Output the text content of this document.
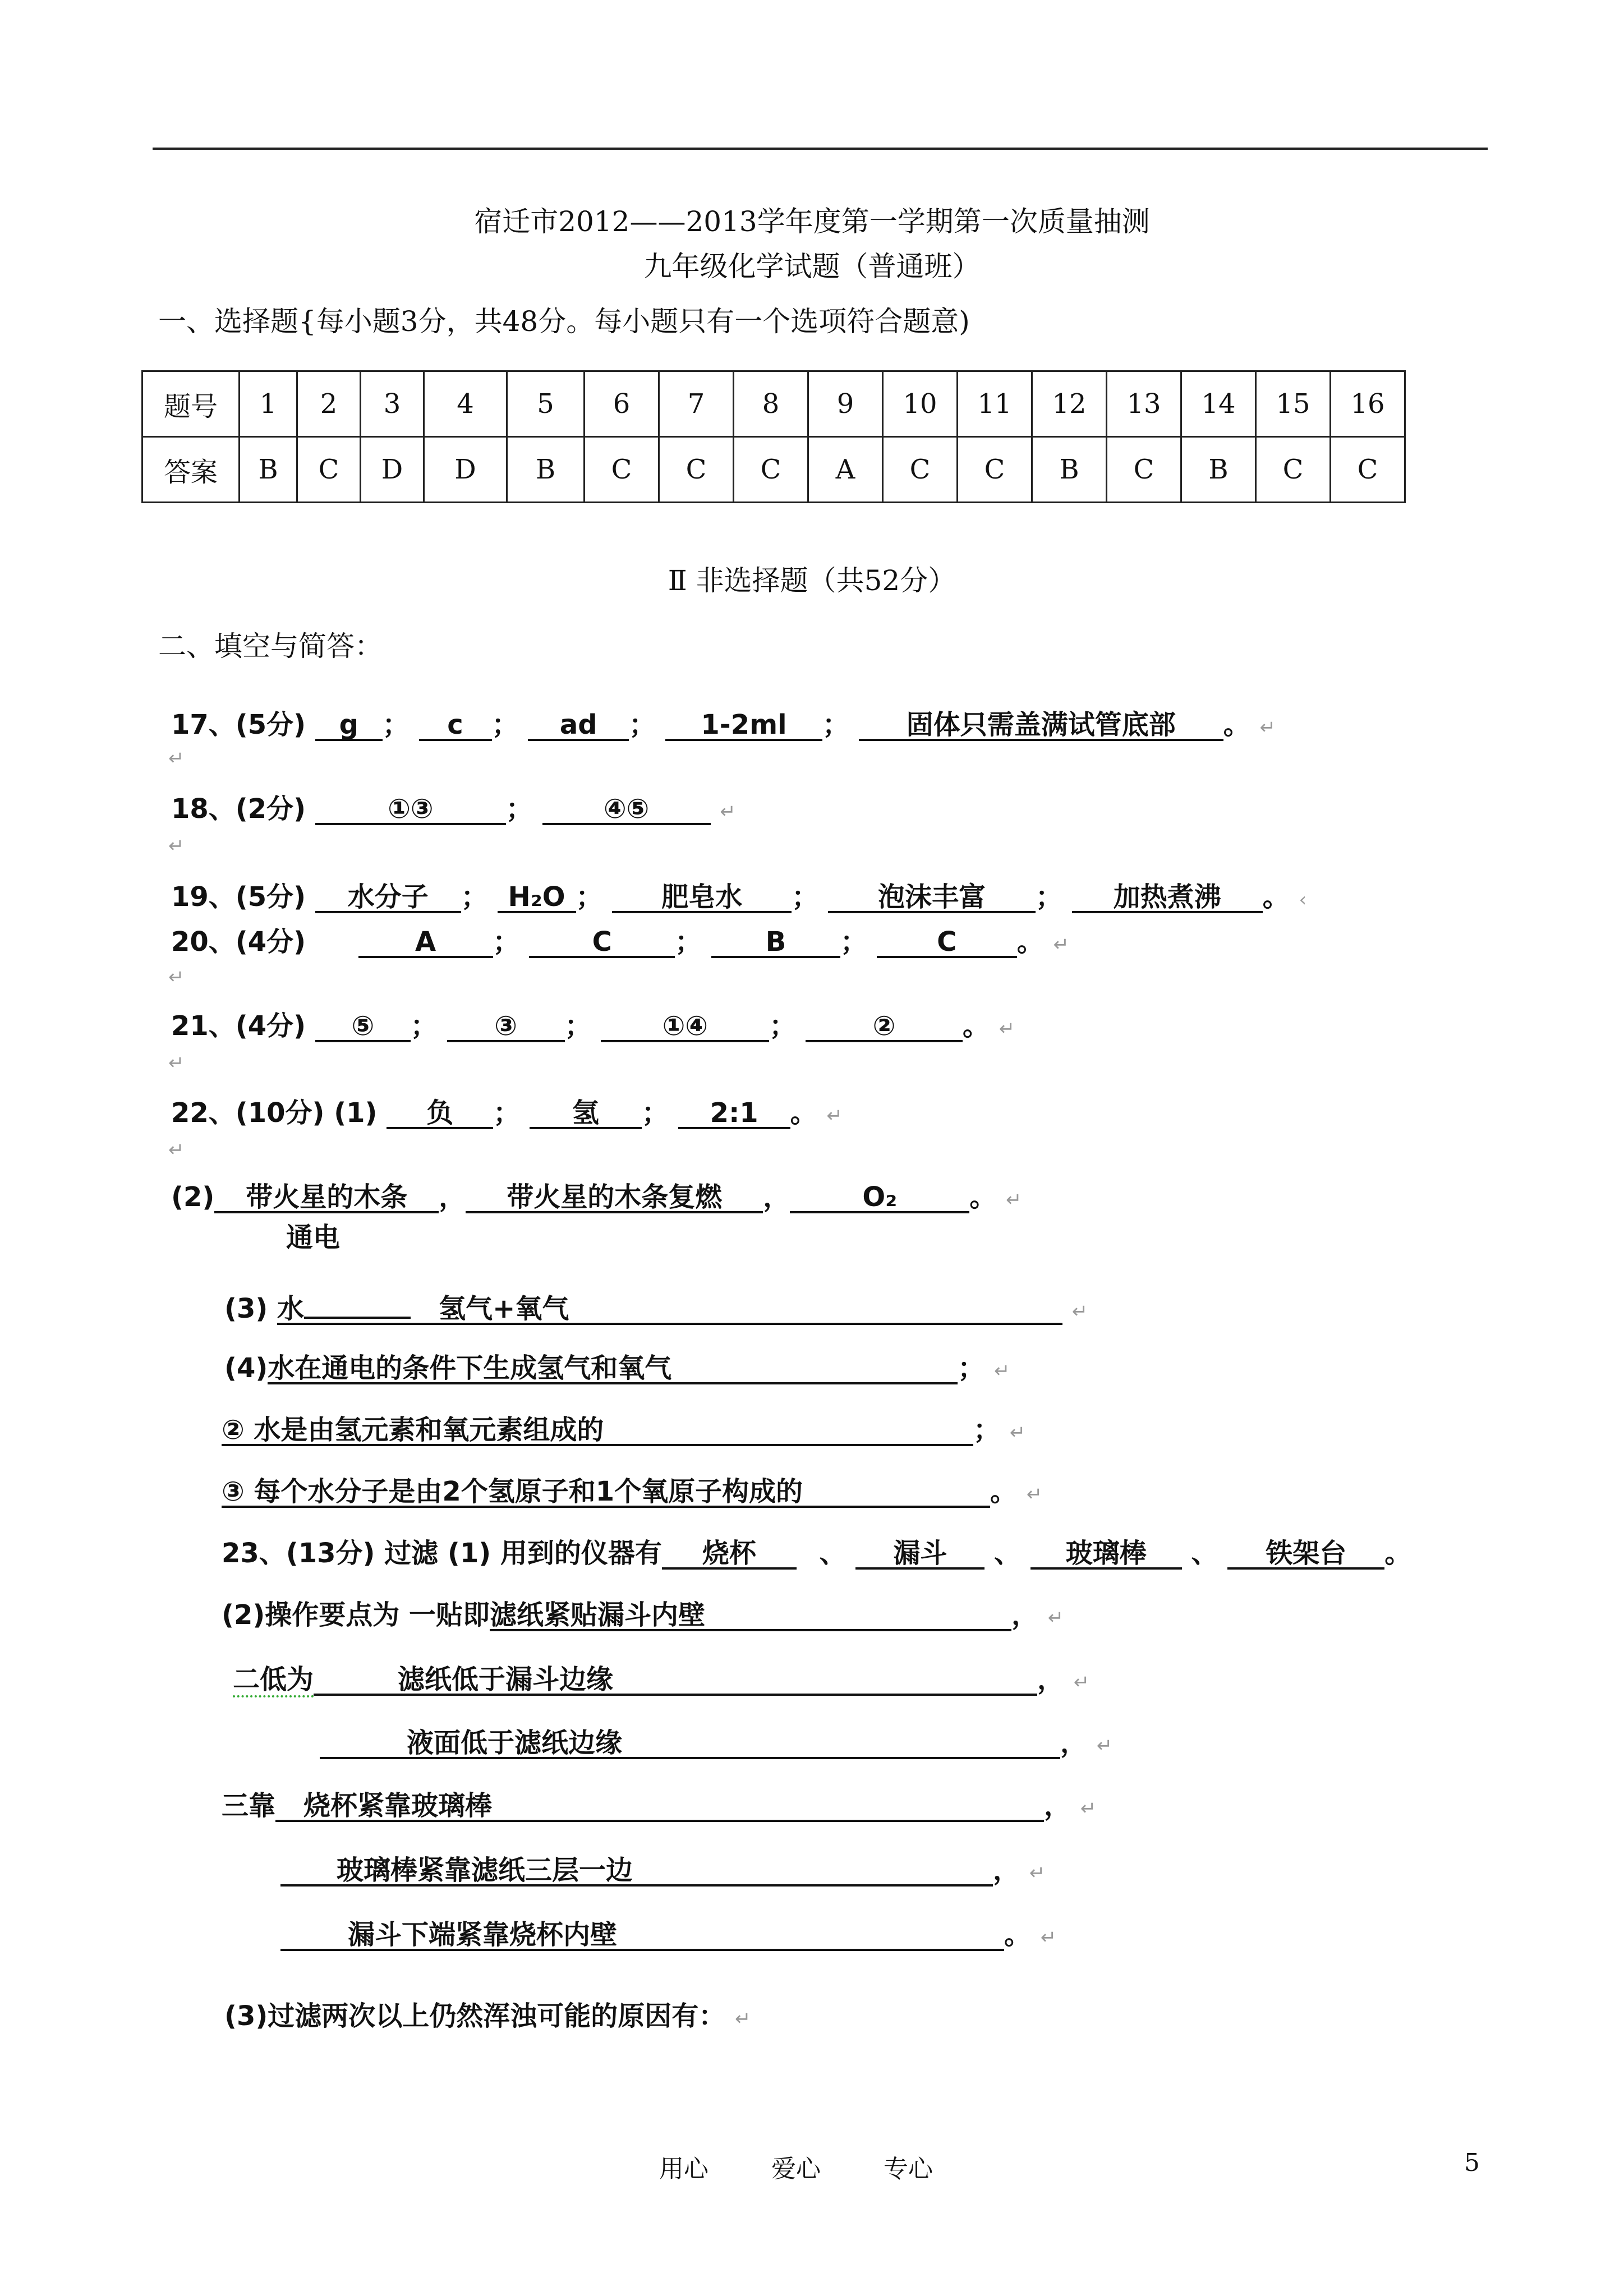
宿迁市2012——2013学年度第一学期第一次质量抽测
九年级化学试题（普通班）
一、选择题{每小题3分，共48分。每小题只有一个选项符合题意)
题号	1	2	3	4	5	6	7	8	9	10	11	12	13	14	15	16
答案	B	C	D	D	B	C	C	C	A	C	C	B	C	B	C	C
Ⅱ 非选择题（共52分）
二、填空与简答：
17、(5分) g ； c ； ad ； 1-2ml ； 固体只需盖满试管底部 。 ↵
↵
18、(2分)	①③	；	④⑤	↵
↵
19、(5分) 水分子 ； H₂O ； 肥皂水 ； 泡沫丰富 ； 加热煮沸 。 ‹
20、(4分)	A ；	C ； B ；	C 。 ↵
↵
21、(4分) ⑤ ； ③ ；	①④ ；	② 。 ↵
↵
22、(10分) (1) 负 ； 氢 ； 2:1 。 ↵
↵
(2) 带火星的木条 ， 带火星的木条复燃 ，	O₂	。 ↵
通电
(3) 水	氢气+氧气	↵
(4)水在通电的条件下生成氢气和氧气	； ↵
② 水是由氢元素和氧元素组成的	； ↵
③ 每个水分子是由2个氢原子和1个氧原子构成的	。 ↵
23、(13分) 过滤 (1) 用到的仪器有 烧杯 、 漏斗 、 玻璃棒 、 铁架台 。
(2)操作要点为 一贴即滤纸紧贴漏斗内壁	， ↵
二低为	滤纸低于漏斗边缘	， ↵
液面低于滤纸边缘	， ↵
三靠 烧杯紧靠玻璃棒	， ↵
玻璃棒紧靠滤纸三层一边	， ↵
漏斗下端紧靠烧杯内壁	。 ↵
(3)过滤两次以上仍然浑浊可能的原因有： ↵
用心	爱心	专心	5
